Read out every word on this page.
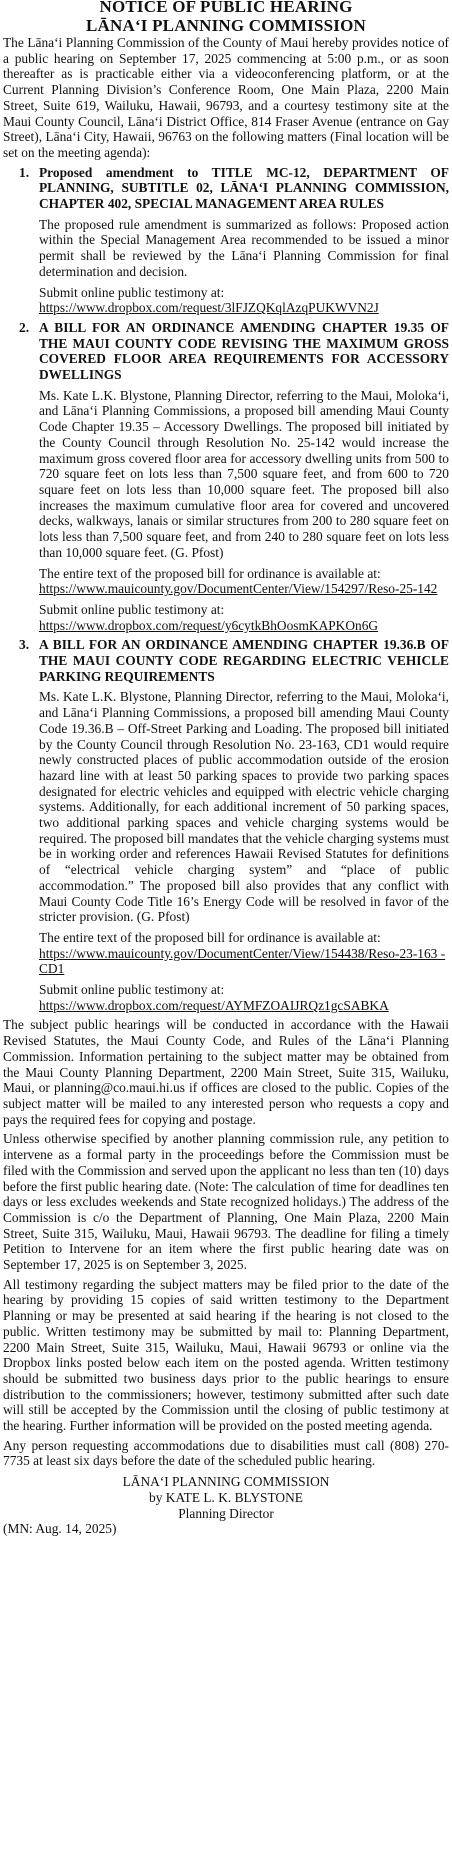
NOTICE OF PUBLIC HEARING
LĀNA‘I PLANNING COMMISSION

The Lāna‘i Planning Commission of the County of Maui hereby provides notice of a public hearing on September 17, 2025 commencing at 5:00 p.m., or as soon thereafter as is practicable either via a videoconferencing platform, or at the Current Planning Division’s Conference Room, One Main Plaza, 2200 Main Street, Suite 619, Wailuku, Hawaii, 96793, and a courtesy testimony site at the Maui County Council, Lāna‘i District Office, 814 Fraser Avenue (entrance on Gay Street), Lāna‘i City, Hawaii, 96763 on the following matters (Final location will be set on the meeting agenda):

1. Proposed amendment to TITLE MC-12, DEPARTMENT OF PLANNING, SUBTITLE 02, LĀNA‘I PLANNING COMMISSION, CHAPTER 402, SPECIAL MANAGEMENT AREA RULES

The proposed rule amendment is summarized as follows: Proposed action within the Special Management Area recommended to be issued a minor permit shall be reviewed by the Lāna‘i Planning Commission for final determination and decision.

Submit online public testimony at:
https://www.dropbox.com/request/3lFJZQKqlAzqPUKWVN2J
2. A BILL FOR AN ORDINANCE AMENDING CHAPTER 19.35 OF THE MAUI COUNTY CODE REVISING THE MAXIMUM GROSS COVERED FLOOR AREA REQUIREMENTS FOR ACCESSORY DWELLINGS

Ms. Kate L.K. Blystone, Planning Director, referring to the Maui, Moloka‘i, and Lāna‘i Planning Commissions, a proposed bill amending Maui County Code Chapter 19.35 – Accessory Dwellings. The proposed bill initiated by the County Council through Resolution No. 25-142 would increase the maximum gross covered floor area for accessory dwelling units from 500 to 720 square feet on lots less than 7,500 square feet, and from 600 to 720 square feet on lots less than 10,000 square feet. The proposed bill also increases the maximum cumulative floor area for covered and uncovered decks, walkways, lanais or similar structures from 200 to 280 square feet on lots less than 7,500 square feet, and from 240 to 280 square feet on lots less than 10,000 square feet. (G. Pfost)

The entire text of the proposed bill for ordinance is available at:
https://www.mauicounty.gov/DocumentCenter/View/154297/Reso-25-142
Submit online public testimony at:
https://www.dropbox.com/request/y6cytkBhOosmKAPKOn6G
3. A BILL FOR AN ORDINANCE AMENDING CHAPTER 19.36.B OF THE MAUI COUNTY CODE REGARDING ELECTRIC VEHICLE PARKING REQUIREMENTS

Ms. Kate L.K. Blystone, Planning Director, referring to the Maui, Moloka‘i, and Lāna‘i Planning Commissions, a proposed bill amending Maui County Code 19.36.B – Off-Street Parking and Loading. The proposed bill initiated by the County Council through Resolution No. 23-163, CD1 would require newly constructed places of public accommodation outside of the erosion hazard line with at least 50 parking spaces to provide two parking spaces designated for electric vehicles and equipped with electric vehicle charging systems. Additionally, for each additional increment of 50 parking spaces, two additional parking spaces and vehicle charging systems would be required. The proposed bill mandates that the vehicle charging systems must be in working order and references Hawaii Revised Statutes for definitions of “electrical vehicle charging system” and “place of public accommodation.” The proposed bill also provides that any conflict with Maui County Code Title 16’s Energy Code will be resolved in favor of the stricter provision. (G. Pfost)

The entire text of the proposed bill for ordinance is available at:
https://www.mauicounty.gov/DocumentCenter/View/154438/Reso-23-163 -CD1
Submit online public testimony at:
https://www.dropbox.com/request/AYMFZOAIJRQz1gcSABKA

The subject public hearings will be conducted in accordance with the Hawaii Revised Statutes, the Maui County Code, and Rules of the Lāna‘i Planning Commission. Information pertaining to the subject matter may be obtained from the Maui County Planning Department, 2200 Main Street, Suite 315, Wailuku, Maui, or planning@co.maui.hi.us if offices are closed to the public. Copies of the subject matter will be mailed to any interested person who requests a copy and pays the required fees for copying and postage.

Unless otherwise specified by another planning commission rule, any petition to intervene as a formal party in the proceedings before the Commission must be filed with the Commission and served upon the applicant no less than ten (10) days before the first public hearing date. (Note: The calculation of time for deadlines ten days or less excludes weekends and State recognized holidays.) The address of the Commission is c/o the Department of Planning, One Main Plaza, 2200 Main Street, Suite 315, Wailuku, Maui, Hawaii 96793. The deadline for filing a timely Petition to Intervene for an item where the first public hearing date was on September 17, 2025 is on September 3, 2025.

All testimony regarding the subject matters may be filed prior to the date of the hearing by providing 15 copies of said written testimony to the Department Planning or may be presented at said hearing if the hearing is not closed to the public. Written testimony may be submitted by mail to: Planning Department, 2200 Main Street, Suite 315, Wailuku, Maui, Hawaii 96793 or online via the Dropbox links posted below each item on the posted agenda. Written testimony should be submitted two business days prior to the public hearings to ensure distribution to the commissioners; however, testimony submitted after such date will still be accepted by the Commission until the closing of public testimony at the hearing. Further information will be provided on the posted meeting agenda.

Any person requesting accommodations due to disabilities must call (808) 270-7735 at least six days before the date of the scheduled public hearing.

LĀNA‘I PLANNING COMMISSION
by KATE L. K. BLYSTONE
Planning Director
(MN: Aug. 14, 2025)
